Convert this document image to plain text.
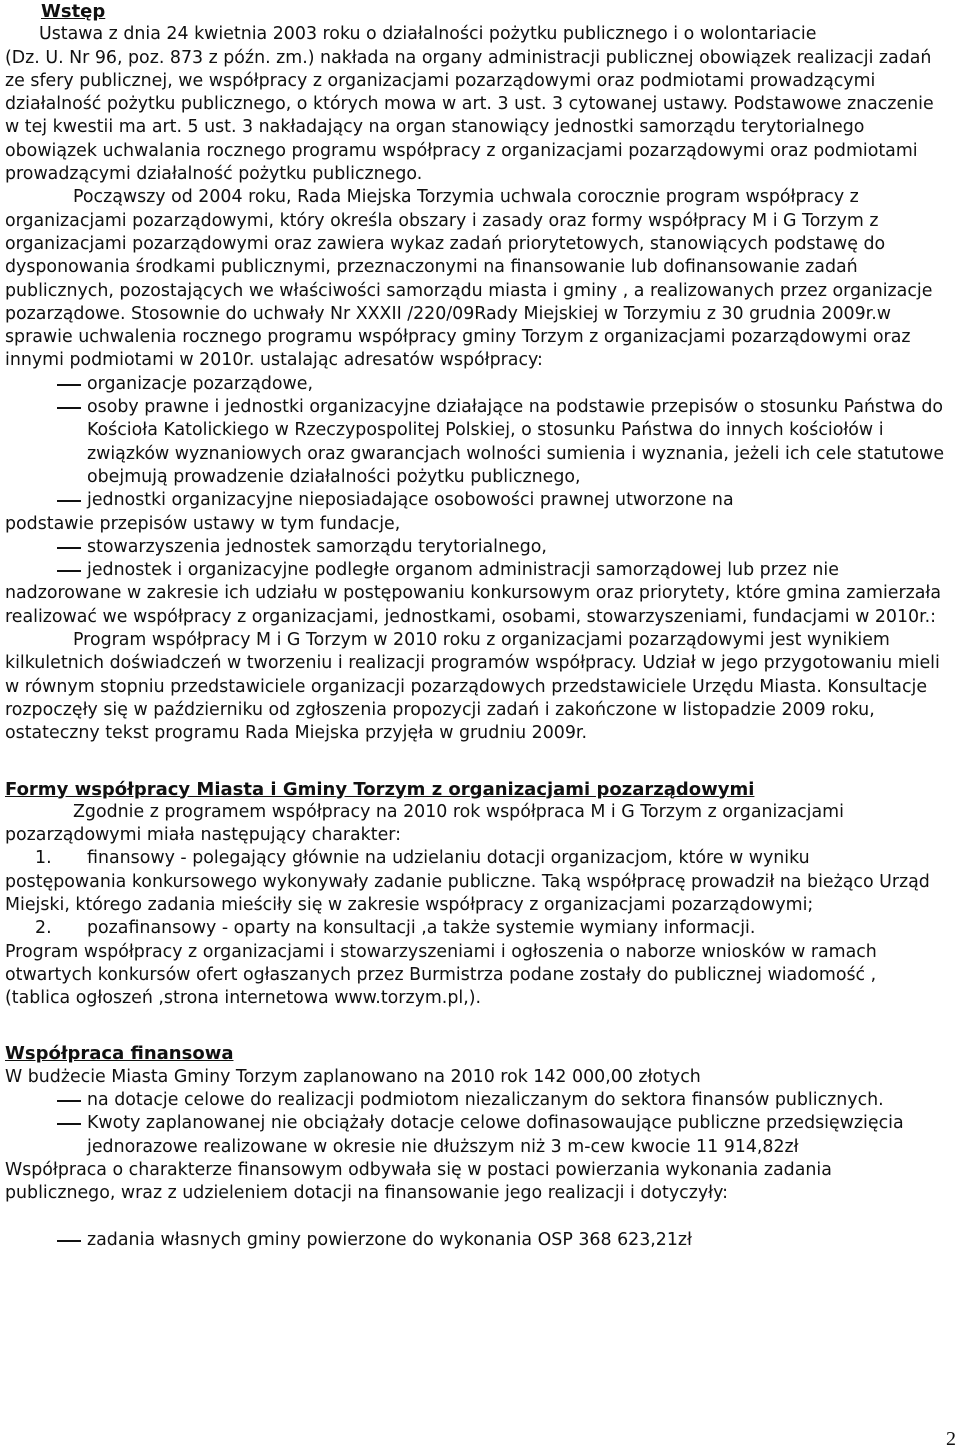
Wstęp

Ustawa z dnia 24 kwietnia 2003 roku o działalności pożytku publicznego i o wolontariacie
(Dz. U. Nr 96, poz. 873 z późn. zm.) nakłada na organy administracji publicznej obowiązek realizacji zadań ze sfery publicznej, we współpracy z organizacjami pozarządowymi oraz podmiotami prowadzącymi działalność pożytku publicznego, o których mowa w art. 3 ust. 3 cytowanej ustawy. Podstawowe znaczenie w tej kwestii ma art. 5 ust. 3 nakładający na organ stanowiący jednostki samorządu terytorialnego obowiązek uchwalania rocznego programu współpracy z organizacjami pozarządowymi oraz podmiotami prowadzącymi działalność pożytku publicznego.

Począwszy od 2004 roku, Rada Miejska Torzymia uchwala corocznie program współpracy z organizacjami pozarządowymi, który określa obszary i zasady oraz formy współpracy M i G Torzym z organizacjami pozarządowymi oraz zawiera wykaz zadań priorytetowych, stanowiących podstawę do dysponowania środkami publicznymi, przeznaczonymi na finansowanie lub dofinansowanie zadań publicznych, pozostających we właściwości samorządu miasta i gminy , a realizowanych przez organizacje pozarządowe. Stosownie do uchwały Nr XXXII /220/09Rady Miejskiej w Torzymiu z 30 grudnia 2009r.w sprawie uchwalenia rocznego programu współpracy gminy Torzym z organizacjami pozarządowymi oraz innymi podmiotami w 2010r. ustalając adresatów współpracy:

organizacje pozarządowe,
osoby prawne i jednostki organizacyjne działające na podstawie przepisów o stosunku Państwa do Kościoła Katolickiego w Rzeczypospolitej Polskiej, o stosunku Państwa do innych kościołów i związków wyznaniowych oraz gwarancjach wolności sumienia i wyznania, jeżeli ich cele statutowe obejmują prowadzenie działalności pożytku publicznego,
jednostki organizacyjne nieposiadające osobowości prawnej utworzone na

podstawie przepisów ustawy w tym fundacje,

stowarzyszenia jednostek samorządu terytorialnego,
jednostek i organizacyjne podległe organom administracji samorządowej lub przez nie

nadzorowane w zakresie ich udziału w postępowaniu konkursowym oraz priorytety, które gmina zamierzała realizować we współpracy z organizacjami, jednostkami, osobami, stowarzyszeniami, fundacjami w 2010r.:

Program współpracy M i G Torzym w 2010 roku z organizacjami pozarządowymi jest wynikiem kilkuletnich doświadczeń w tworzeniu i realizacji programów współpracy. Udział w jego przygotowaniu mieli w równym stopniu przedstawiciele organizacji pozarządowych przedstawiciele Urzędu Miasta. Konsultacje rozpoczęły się w październiku od zgłoszenia propozycji zadań i zakończone w listopadzie 2009 roku, ostateczny tekst programu Rada Miejska przyjęła w grudniu 2009r.

Formy współpracy Miasta i Gminy Torzym z organizacjami pozarządowymi

Zgodnie z programem współpracy na 2010 rok współpraca M i G Torzym z organizacjami pozarządowymi miała następujący charakter:

1.	finansowy - polegający głównie na udzielaniu dotacji organizacjom, które w wyniku

postępowania konkursowego wykonywały zadanie publiczne. Taką współpracę prowadził na bieżąco Urząd Miejski, którego zadania mieściły się w zakresie współpracy z organizacjami pozarządowymi;

2.	pozafinansowy - oparty na konsultacji ,a także systemie wymiany informacji.

Program współpracy z organizacjami i stowarzyszeniami i ogłoszenia o naborze wniosków w ramach otwartych konkursów ofert ogłaszanych przez Burmistrza podane zostały do publicznej wiadomość , (tablica ogłoszeń ,strona internetowa www.torzym.pl,).

Współpraca finansowa

W budżecie Miasta Gminy Torzym zaplanowano na 2010 rok 142 000,00 złotych

na dotacje celowe do realizacji podmiotom niezaliczanym do sektora finansów publicznych.
Kwoty zaplanowanej nie obciążały dotacje celowe dofinasowaujące publiczne przedsięwzięcia jednorazowe realizowane w okresie nie dłuższym niż 3 m-cew kwocie 11 914,82zł

Współpraca o charakterze finansowym odbywała się w postaci powierzania wykonania zadania publicznego, wraz z udzieleniem dotacji na finansowanie jego realizacji i dotyczyły:

zadania własnych gminy powierzone do wykonania OSP 368 623,21zł
2
